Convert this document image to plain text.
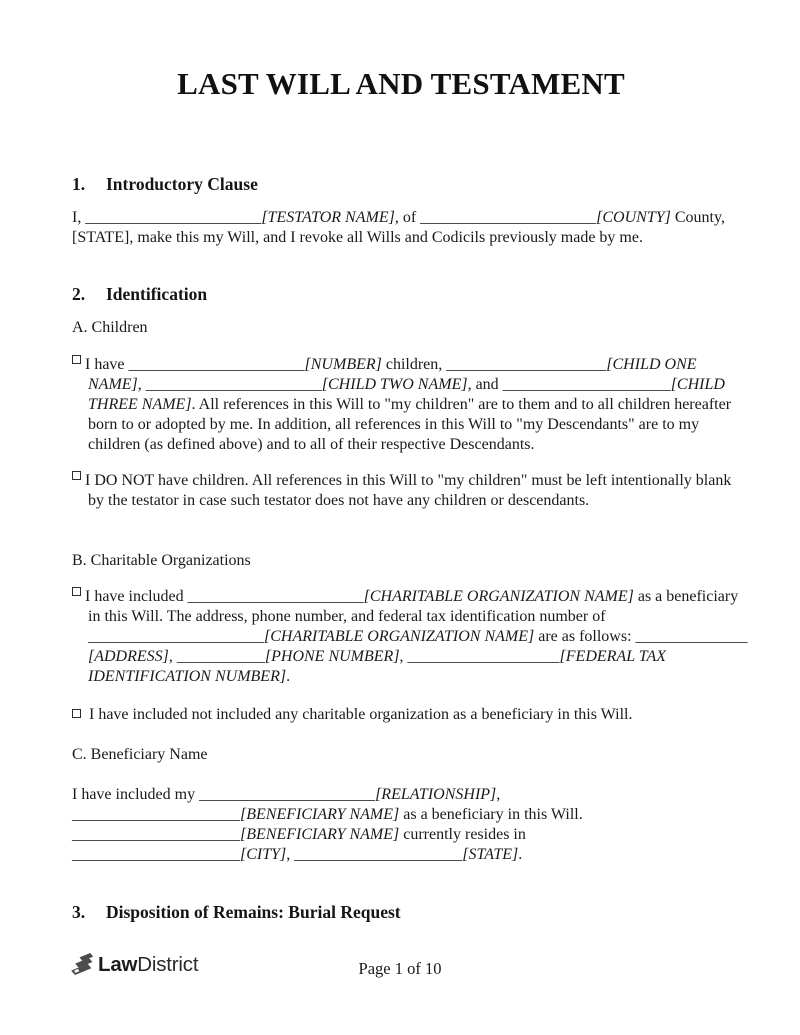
LAST WILL AND TESTAMENT
1. Introductory Clause
I, ______________________[TESTATOR NAME], of ______________________[COUNTY] County,
[STATE], make this my Will, and I revoke all Wills and Codicils previously made by me.
2. Identification
A. Children
I have ______________________[NUMBER] children, ____________________[CHILD ONE
NAME], ______________________[CHILD TWO NAME], and _____________________[CHILD
THREE NAME]. All references in this Will to "my children" are to them and to all children hereafter
born to or adopted by me. In addition, all references in this Will to "my Descendants" are to my
children (as defined above) and to all of their respective Descendants.
I DO NOT have children. All references in this Will to "my children" must be left intentionally blank
by the testator in case such testator does not have any children or descendants.
B. Charitable Organizations
I have included ______________________[CHARITABLE ORGANIZATION NAME] as a beneficiary
in this Will. The address, phone number, and federal tax identification number of
______________________[CHARITABLE ORGANIZATION NAME] are as follows: ______________
[ADDRESS], ___________[PHONE NUMBER], ___________________[FEDERAL TAX
IDENTIFICATION NUMBER].
I have included not included any charitable organization as a beneficiary in this Will.
C. Beneficiary Name
I have included my ______________________[RELATIONSHIP],
_____________________[BENEFICIARY NAME] as a beneficiary in this Will.
_____________________[BENEFICIARY NAME] currently resides in
_____________________[CITY], _____________________[STATE].
3. Disposition of Remains: Burial Request
LawDistrict	Page 1 of 10
